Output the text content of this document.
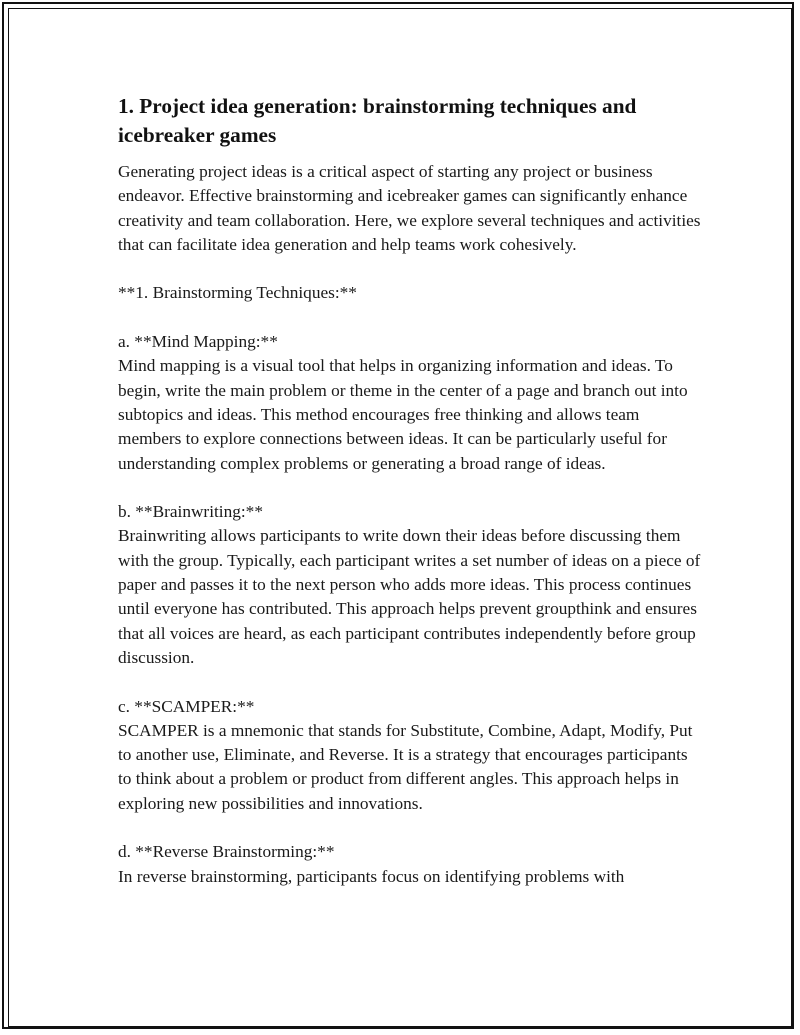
1. Project idea generation: brainstorming techniques and icebreaker games

Generating project ideas is a critical aspect of starting any project or business endeavor. Effective brainstorming and icebreaker games can significantly enhance creativity and team collaboration. Here, we explore several techniques and activities that can facilitate idea generation and help teams work cohesively.

**1. Brainstorming Techniques:**

a. **Mind Mapping:**
Mind mapping is a visual tool that helps in organizing information and ideas. To begin, write the main problem or theme in the center of a page and branch out into subtopics and ideas. This method encourages free thinking and allows team members to explore connections between ideas. It can be particularly useful for understanding complex problems or generating a broad range of ideas.

b. **Brainwriting:**
Brainwriting allows participants to write down their ideas before discussing them with the group. Typically, each participant writes a set number of ideas on a piece of paper and passes it to the next person who adds more ideas. This process continues until everyone has contributed. This approach helps prevent groupthink and ensures that all voices are heard, as each participant contributes independently before group discussion.

c. **SCAMPER:**
SCAMPER is a mnemonic that stands for Substitute, Combine, Adapt, Modify, Put to another use, Eliminate, and Reverse. It is a strategy that encourages participants to think about a problem or product from different angles. This approach helps in exploring new possibilities and innovations.

d. **Reverse Brainstorming:**
In reverse brainstorming, participants focus on identifying problems with
